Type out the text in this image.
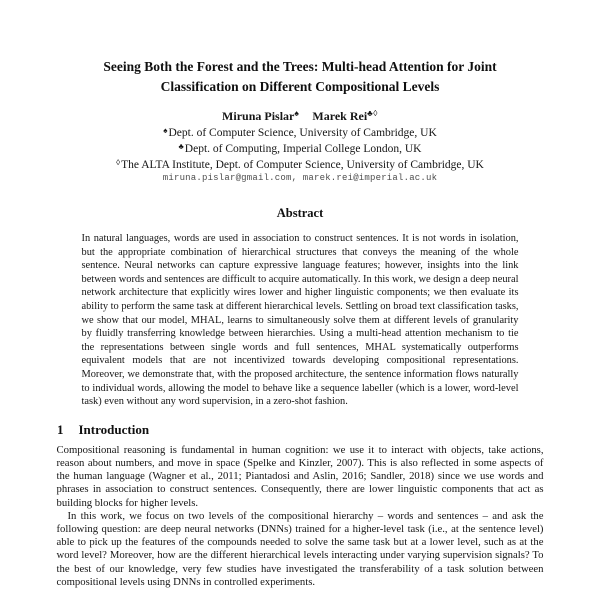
Seeing Both the Forest and the Trees: Multi-head Attention for Joint
Classification on Different Compositional Levels
Miruna Pislar♠ Marek Rei♣◊
♠Dept. of Computer Science, University of Cambridge, UK
♣Dept. of Computing, Imperial College London, UK
◊The ALTA Institute, Dept. of Computer Science, University of Cambridge, UK
miruna.pislar@gmail.com, marek.rei@imperial.ac.uk
Abstract
In natural languages, words are used in association to construct sentences. It is not words in isolation, but the appropriate combination of hierarchical structures that conveys the meaning of the whole sentence. Neural networks can capture expressive language features; however, insights into the link between words and sentences are difficult to acquire automatically. In this work, we design a deep neural network architecture that explicitly wires lower and higher linguistic components; we then evaluate its ability to perform the same task at different hierarchical levels. Settling on broad text classification tasks, we show that our model, MHAL, learns to simultaneously solve them at different levels of granularity by fluidly transferring knowledge between hierarchies. Using a multi-head attention mechanism to tie the representations between single words and full sentences, MHAL systematically outperforms equivalent models that are not incentivized towards developing compositional representations. Moreover, we demonstrate that, with the proposed architecture, the sentence information flows naturally to individual words, allowing the model to behave like a sequence labeller (which is a lower, word-level task) even without any word supervision, in a zero-shot fashion.
1 Introduction

Compositional reasoning is fundamental in human cognition: we use it to interact with objects, take actions, reason about numbers, and move in space (Spelke and Kinzler, 2007). This is also reflected in some aspects of the human language (Wagner et al., 2011; Piantadosi and Aslin, 2016; Sandler, 2018) since we use words and phrases in association to construct sentences. Consequently, there are lower linguistic components that act as building blocks for higher levels.

In this work, we focus on two levels of the compositional hierarchy – words and sentences – and ask the following question: are deep neural networks (DNNs) trained for a higher-level task (i.e., at the sentence level) able to pick up the features of the compounds needed to solve the same task but at a lower level, such as at the word level? Moreover, how are the different hierarchical levels interacting under varying supervision signals? To the best of our knowledge, very few studies have investigated the transferability of a task solution between compositional levels using DNNs in controlled experiments.
